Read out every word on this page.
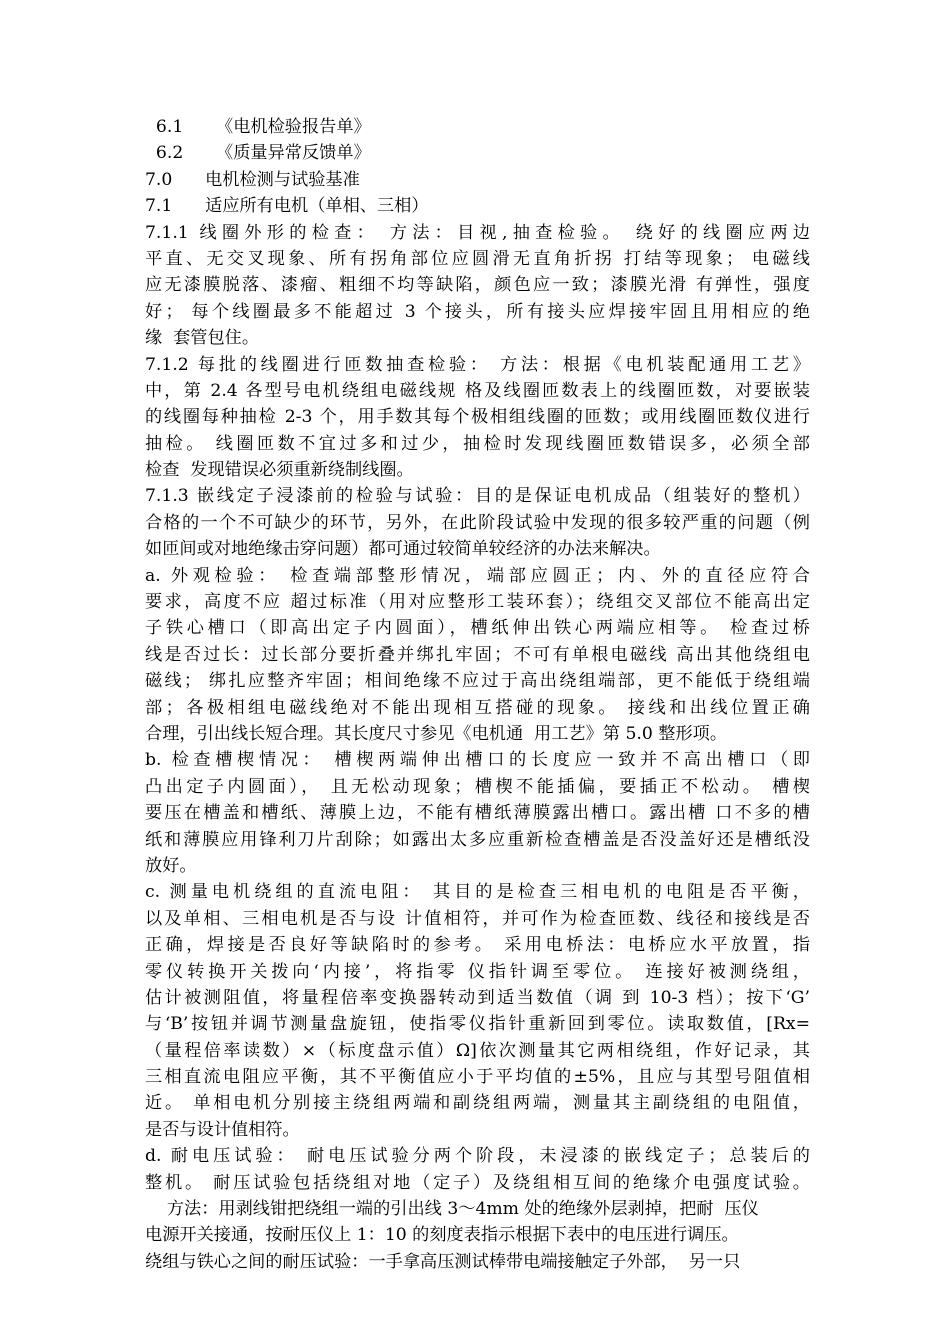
6.1      《电机检验报告单》
6.2      《质量异常反馈单》
7.0      电机检测与试验基准
7.1      适应所有电机（单相、三相）
7.1.1 线圈外形的检查： 方法：目视,抽查检验。 绕好的线圈应两边
平直、无交叉现象、所有拐角部位应圆滑无直角折拐 打结等现象； 电磁线
应无漆膜脱落、漆瘤、粗细不均等缺陷，颜色应一致；漆膜光滑 有弹性，强度
好； 每个线圈最多不能超过 3 个接头，所有接头应焊接牢固且用相应的绝
缘  套管包住。
7.1.2 每批的线圈进行匝数抽查检验： 方法：根据《电机装配通用工艺》
中，第 2.4 各型号电机绕组电磁线规 格及线圈匝数表上的线圈匝数，对要嵌装
的线圈每种抽检 2-3 个，用手数其每个极相组线圈的匝数；或用线圈匝数仪进行
抽检。 线圈匝数不宜过多和过少，抽检时发现线圈匝数错误多，必须全部
检查  发现错误必须重新绕制线圈。
7.1.3 嵌线定子浸漆前的检验与试验：目的是保证电机成品（组装好的整机）
合格的一个不可缺少的环节，另外，在此阶段试验中发现的很多较严重的问题（例
如匝间或对地绝缘击穿问题）都可通过较简单较经济的办法来解决。
a. 外观检验： 检查端部整形情况，端部应圆正；内、外的直径应符合
要求，高度不应 超过标准（用对应整形工装环套）；绕组交叉部位不能高出定
子铁心槽口（即高出定子内圆面），槽纸伸出铁心两端应相等。 检查过桥
线是否过长：过长部分要折叠并绑扎牢固；不可有单根电磁线 高出其他绕组电
磁线； 绑扎应整齐牢固；相间绝缘不应过于高出绕组端部，更不能低于绕组端
部；各极相组电磁线绝对不能出现相互搭碰的现象。 接线和出线位置正确
合理，引出线长短合理。其长度尺寸参见《电机通  用工艺》第 5.0 整形项。
b. 检查槽楔情况： 槽楔两端伸出槽口的长度应一致并不高出槽口（即
凸出定子内圆面）， 且无松动现象；槽楔不能插偏，要插正不松动。 槽楔
要压在槽盖和槽纸、薄膜上边，不能有槽纸薄膜露出槽口。露出槽 口不多的槽
纸和薄膜应用锋利刀片刮除；如露出太多应重新检查槽盖是否没盖好还是槽纸没
放好。
c. 测量电机绕组的直流电阻： 其目的是检查三相电机的电阻是否平衡，
以及单相、三相电机是否与设 计值相符，并可作为检查匝数、线径和接线是否
正确，焊接是否良好等缺陷时的参考。 采用电桥法：电桥应水平放置，指
零仪转换开关拨向‘内接’，将指零 仪指针调至零位。 连接好被测绕组，
估计被测阻值，将量程倍率变换器转动到适当数值（调 到 10-3 档）；按下‘G’
与‘B’按钮并调节测量盘旋钮，使指零仪指针重新回到零位。读取数值，[Rx=
（量程倍率读数）×（标度盘示值）Ω]依次测量其它两相绕组，作好记录，其
三相直流电阻应平衡，其不平衡值应小于平均值的±5%，且应与其型号阻值相
近。 单相电机分别接主绕组两端和副绕组两端，测量其主副绕组的电阻值，
是否与设计值相符。
d. 耐电压试验： 耐电压试验分两个阶段，未浸漆的嵌线定子；总装后的
整机。 耐压试验包括绕组对地（定子）及绕组相互间的绝缘介电强度试验。
方法：用剥线钳把绕组一端的引出线 3～4mm 处的绝缘外层剥掉，把耐  压仪
电源开关接通，按耐压仪上 1：10 的刻度表指示根据下表中的电压进行调压。
绕组与铁心之间的耐压试验：一手拿高压测试棒带电端接触定子外部，  另一只
